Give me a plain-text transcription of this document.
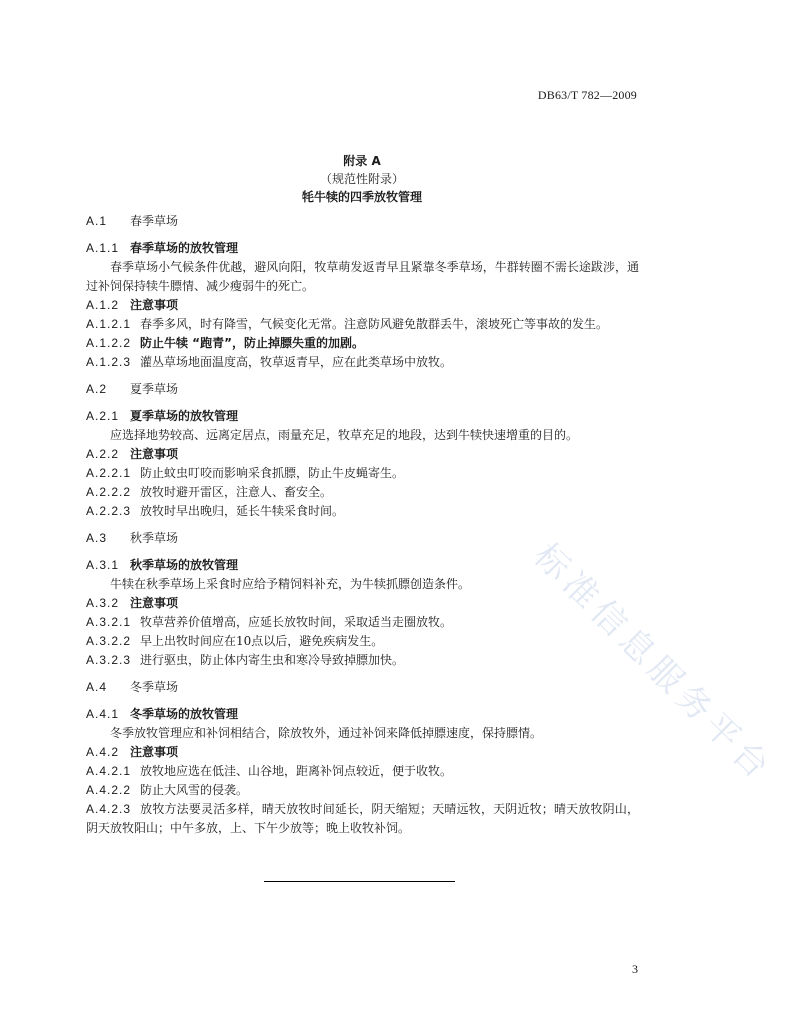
DB63/T 782—2009
附录 A
（规范性附录）
牦牛犊的四季放牧管理
A.1 春季草场
A.1.1 春季草场的放牧管理
春季草场小气候条件优越，避风向阳，牧草萌发返青早且紧靠冬季草场，牛群转圈不需长途跋涉，通过补饲保持犊牛膘情、减少瘦弱牛的死亡。
A.1.2 注意事项
A.1.2.1 春季多风，时有降雪，气候变化无常。注意防风避免散群丢牛，滚坡死亡等事故的发生。
A.1.2.2 防止牛犊 “跑青”，防止掉膘失重的加剧。
A.1.2.3 灌丛草场地面温度高，牧草返青早，应在此类草场中放牧。
A.2 夏季草场
A.2.1 夏季草场的放牧管理
应选择地势较高、远离定居点，雨量充足，牧草充足的地段，达到牛犊快速增重的目的。
A.2.2 注意事项
A.2.2.1 防止蚊虫叮咬而影响采食抓膘，防止牛皮蝇寄生。
A.2.2.2 放牧时避开雷区，注意人、畜安全。
A.2.2.3 放牧时早出晚归，延长牛犊采食时间。
A.3 秋季草场
A.3.1 秋季草场的放牧管理
牛犊在秋季草场上采食时应给予精饲料补充，为牛犊抓膘创造条件。
A.3.2 注意事项
A.3.2.1 牧草营养价值增高，应延长放牧时间，采取适当走圈放牧。
A.3.2.2 早上出牧时间应在10点以后，避免疾病发生。
A.3.2.3 进行驱虫，防止体内寄生虫和寒冷导致掉膘加快。
A.4 冬季草场
A.4.1 冬季草场的放牧管理
冬季放牧管理应和补饲相结合，除放牧外，通过补饲来降低掉膘速度，保持膘情。
A.4.2 注意事项
A.4.2.1 放牧地应选在低洼、山谷地，距离补饲点较近，便于收牧。
A.4.2.2 防止大风雪的侵袭。
A.4.2.3 放牧方法要灵活多样，晴天放牧时间延长，阴天缩短；天晴远牧，天阴近牧；晴天放牧阴山，阴天放牧阳山；中午多放，上、下午少放等；晚上收牧补饲。
标准信息服务平台
3
